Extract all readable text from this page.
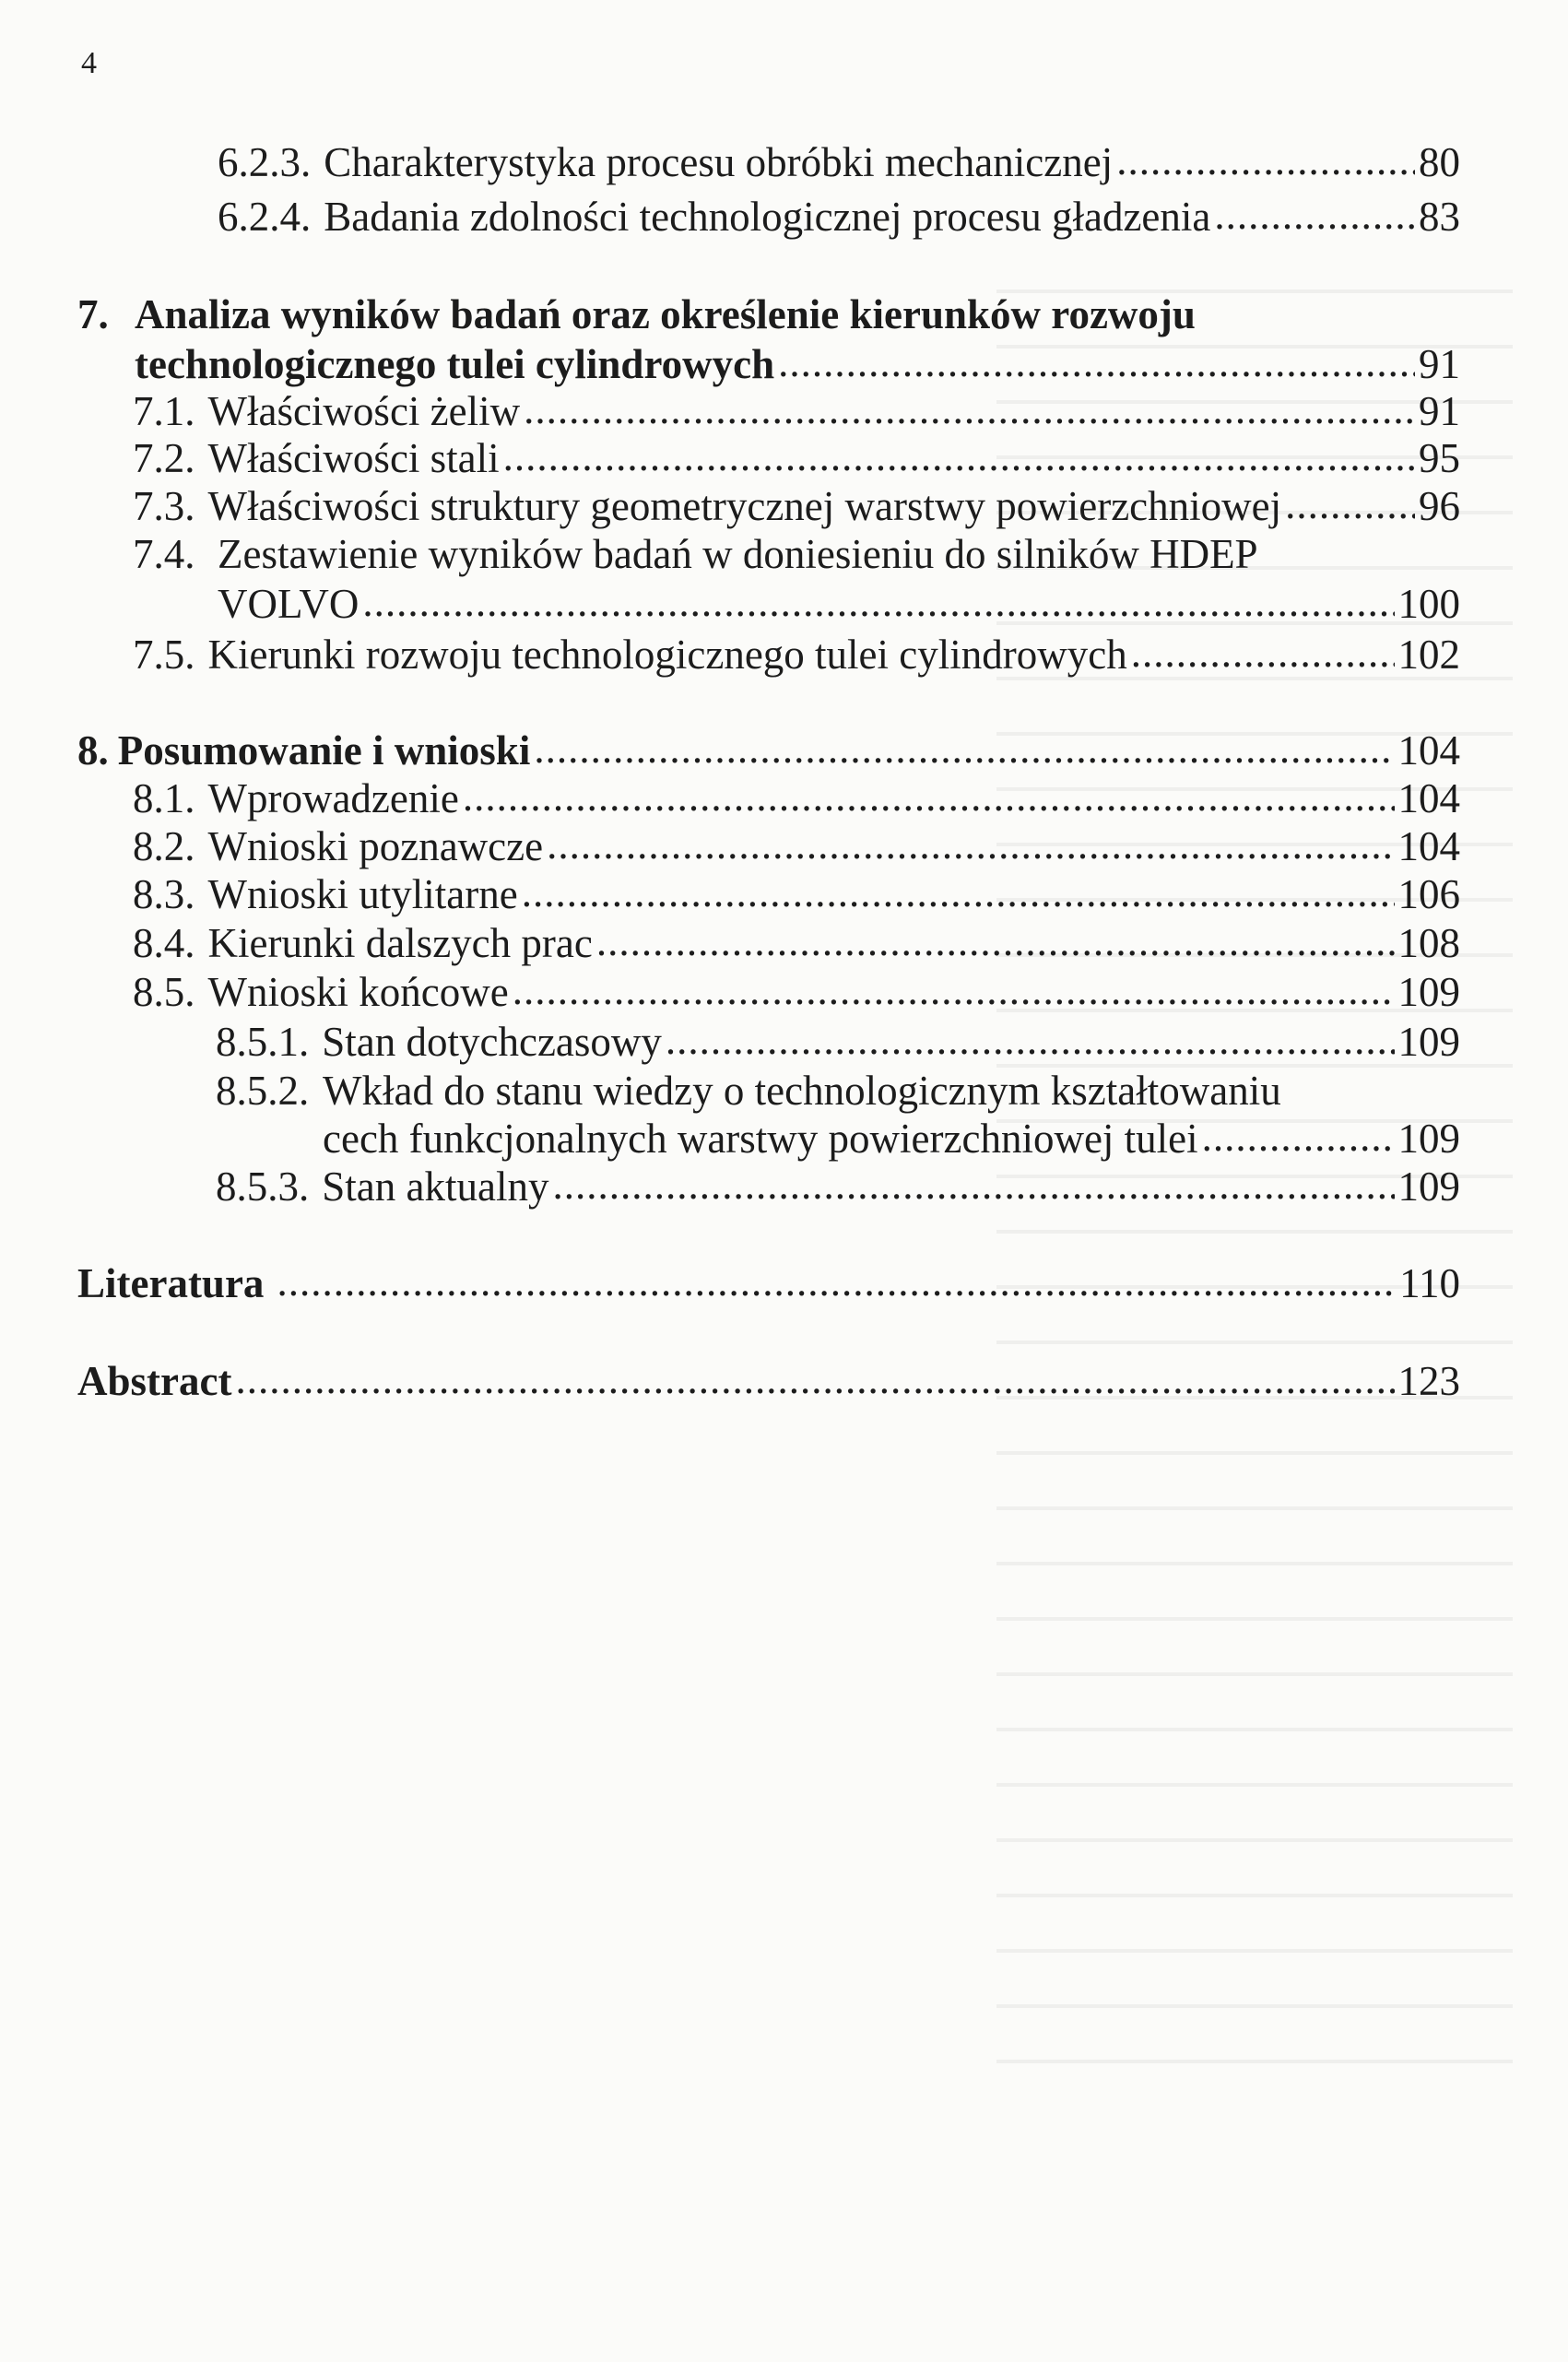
4
6.2.3. Charakterystyka procesu obróbki mechanicznej .....	80
6.2.4. Badania zdolności technologicznej procesu gładzenia .....	83
7. Analiza wyników badań oraz określenie kierunków rozwoju
technologicznego tulei cylindrowych .....	91
7.1. Właściwości żeliw .....	91
7.2. Właściwości stali .....	95
7.3. Właściwości struktury geometrycznej warstwy powierzchniowej .....	96
7.4. Zestawienie wyników badań w doniesieniu do silników HDEP
VOLVO .....	100
7.5. Kierunki rozwoju technologicznego tulei cylindrowych .....	102
8. Posumowanie i wnioski .....	104
8.1. Wprowadzenie .....	104
8.2. Wnioski poznawcze .....	104
8.3. Wnioski utylitarne .....	106
8.4. Kierunki dalszych prac .....	108
8.5. Wnioski końcowe .....	109
8.5.1. Stan dotychczasowy .....	109
8.5.2. Wkład do stanu wiedzy o technologicznym kształtowaniu
cech funkcjonalnych warstwy powierzchniowej tulei .....	109
8.5.3. Stan aktualny .....	109
Literatura .....	110
Abstract .....	123
